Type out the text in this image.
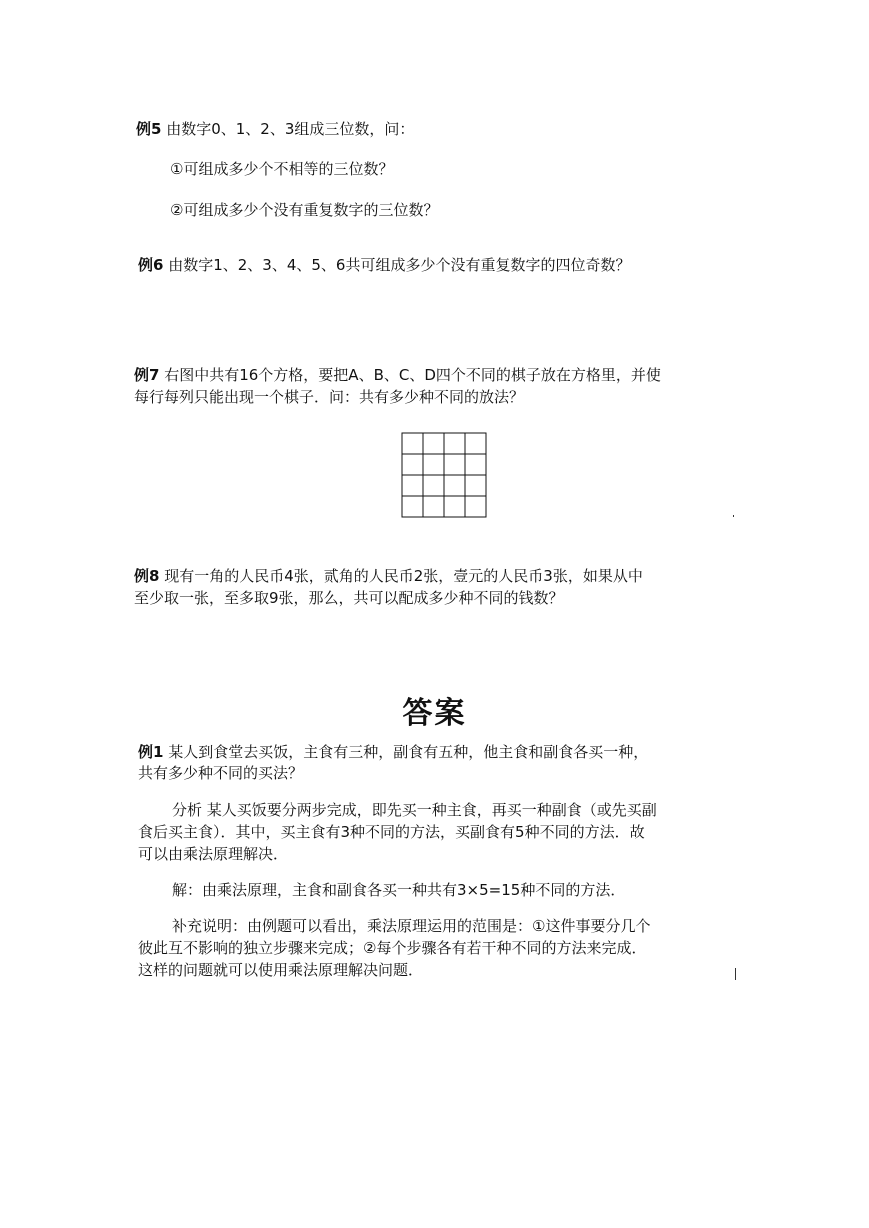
例5 由数字0、1、2、3组成三位数，问：
①可组成多少个不相等的三位数？
②可组成多少个没有重复数字的三位数？
例6 由数字1、2、3、4、5、6共可组成多少个没有重复数字的四位奇数？
例7 右图中共有16个方格，要把A、B、C、D四个不同的棋子放在方格里，并使
每行每列只能出现一个棋子．问：共有多少种不同的放法？
例8 现有一角的人民币4张，贰角的人民币2张，壹元的人民币3张，如果从中
至少取一张，至多取9张，那么，共可以配成多少种不同的钱数？
答案
例1 某人到食堂去买饭，主食有三种，副食有五种，他主食和副食各买一种，
共有多少种不同的买法？
分析 某人买饭要分两步完成，即先买一种主食，再买一种副食（或先买副
食后买主食）．其中，买主食有3种不同的方法，买副食有5种不同的方法．故
可以由乘法原理解决．
解：由乘法原理，主食和副食各买一种共有3×5=15种不同的方法．
补充说明：由例题可以看出，乘法原理运用的范围是：①这件事要分几个
彼此互不影响的独立步骤来完成；②每个步骤各有若干种不同的方法来完成．
这样的问题就可以使用乘法原理解决问题．
